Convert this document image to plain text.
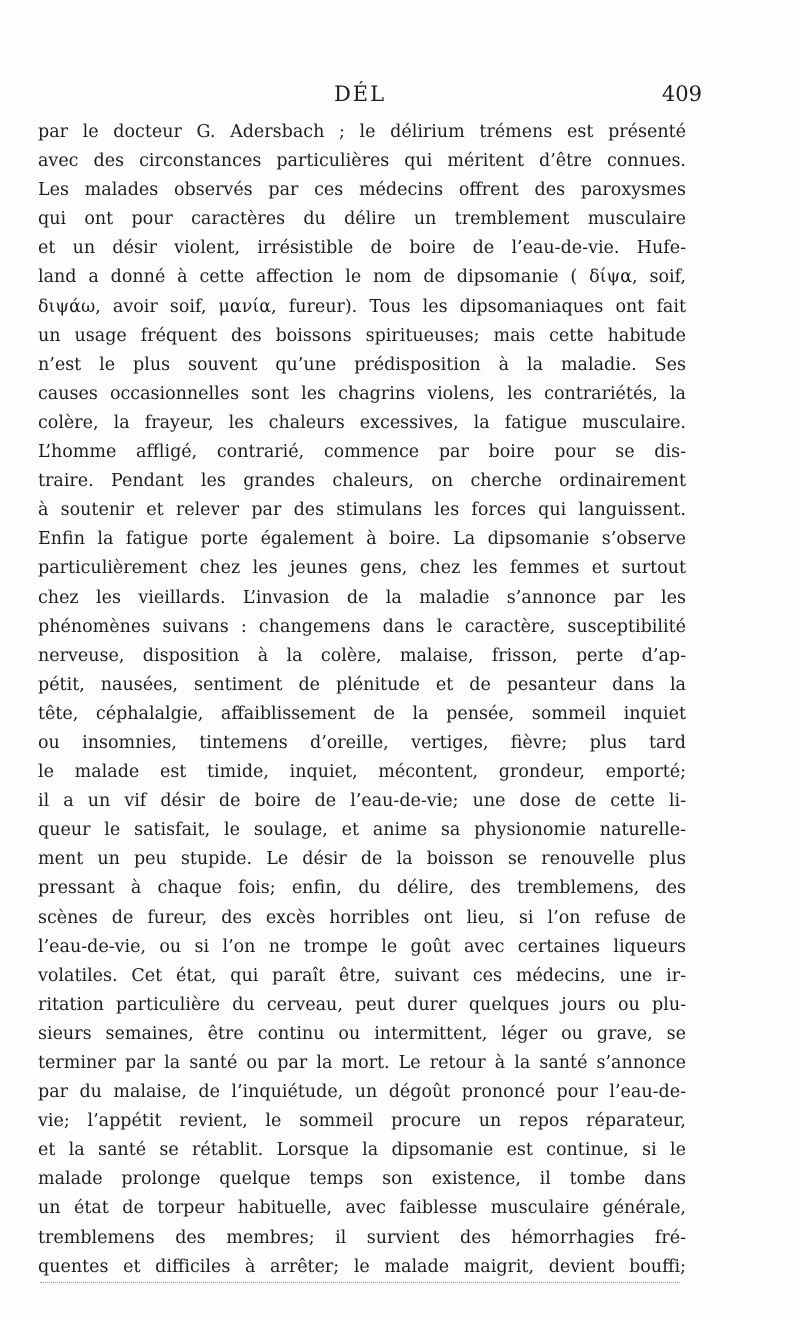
DÉL	409
par le docteur G. Adersbach ; le délirium trémens est présenté
avec des circonstances particulières qui méritent d’être connues.
Les malades observés par ces médecins offrent des paroxysmes
qui ont pour caractères du délire un tremblement musculaire
et un désir violent, irrésistible de boire de l’eau-de-vie. Hufe-
land a donné à cette affection le nom de dipsomanie ( δίψα, soif,
διψάω, avoir soif, μανία, fureur). Tous les dipsomaniaques ont fait
un usage fréquent des boissons spiritueuses; mais cette habitude
n’est le plus souvent qu’une prédisposition à la maladie. Ses
causes occasionnelles sont les chagrins violens, les contrariétés, la
colère, la frayeur, les chaleurs excessives, la fatigue musculaire.
L’homme affligé, contrarié, commence par boire pour se dis-
traire. Pendant les grandes chaleurs, on cherche ordinairement
à soutenir et relever par des stimulans les forces qui languissent.
Enfin la fatigue porte également à boire. La dipsomanie s’observe
particulièrement chez les jeunes gens, chez les femmes et surtout
chez les vieillards. L’invasion de la maladie s’annonce par les
phénomènes suivans : changemens dans le caractère, susceptibilité
nerveuse, disposition à la colère, malaise, frisson, perte d’ap-
pétit, nausées, sentiment de plénitude et de pesanteur dans la
tête, céphalalgie, affaiblissement de la pensée, sommeil inquiet
ou insomnies, tintemens d’oreille, vertiges, fièvre; plus tard
le malade est timide, inquiet, mécontent, grondeur, emporté;
il a un vif désir de boire de l’eau-de-vie; une dose de cette li-
queur le satisfait, le soulage, et anime sa physionomie naturelle-
ment un peu stupide. Le désir de la boisson se renouvelle plus
pressant à chaque fois; enfin, du délire, des tremblemens, des
scènes de fureur, des excès horribles ont lieu, si l’on refuse de
l’eau-de-vie, ou si l’on ne trompe le goût avec certaines liqueurs
volatiles. Cet état, qui paraît être, suivant ces médecins, une ir-
ritation particulière du cerveau, peut durer quelques jours ou plu-
sieurs semaines, être continu ou intermittent, léger ou grave, se
terminer par la santé ou par la mort. Le retour à la santé s’annonce
par du malaise, de l’inquiétude, un dégoût prononcé pour l’eau-de-
vie; l’appétit revient, le sommeil procure un repos réparateur,
et la santé se rétablit. Lorsque la dipsomanie est continue, si le
malade prolonge quelque temps son existence, il tombe dans
un état de torpeur habituelle, avec faiblesse musculaire générale,
tremblemens des membres; il survient des hémorrhagies fré-
quentes et difficiles à arrêter; le malade maigrit, devient bouffi;
